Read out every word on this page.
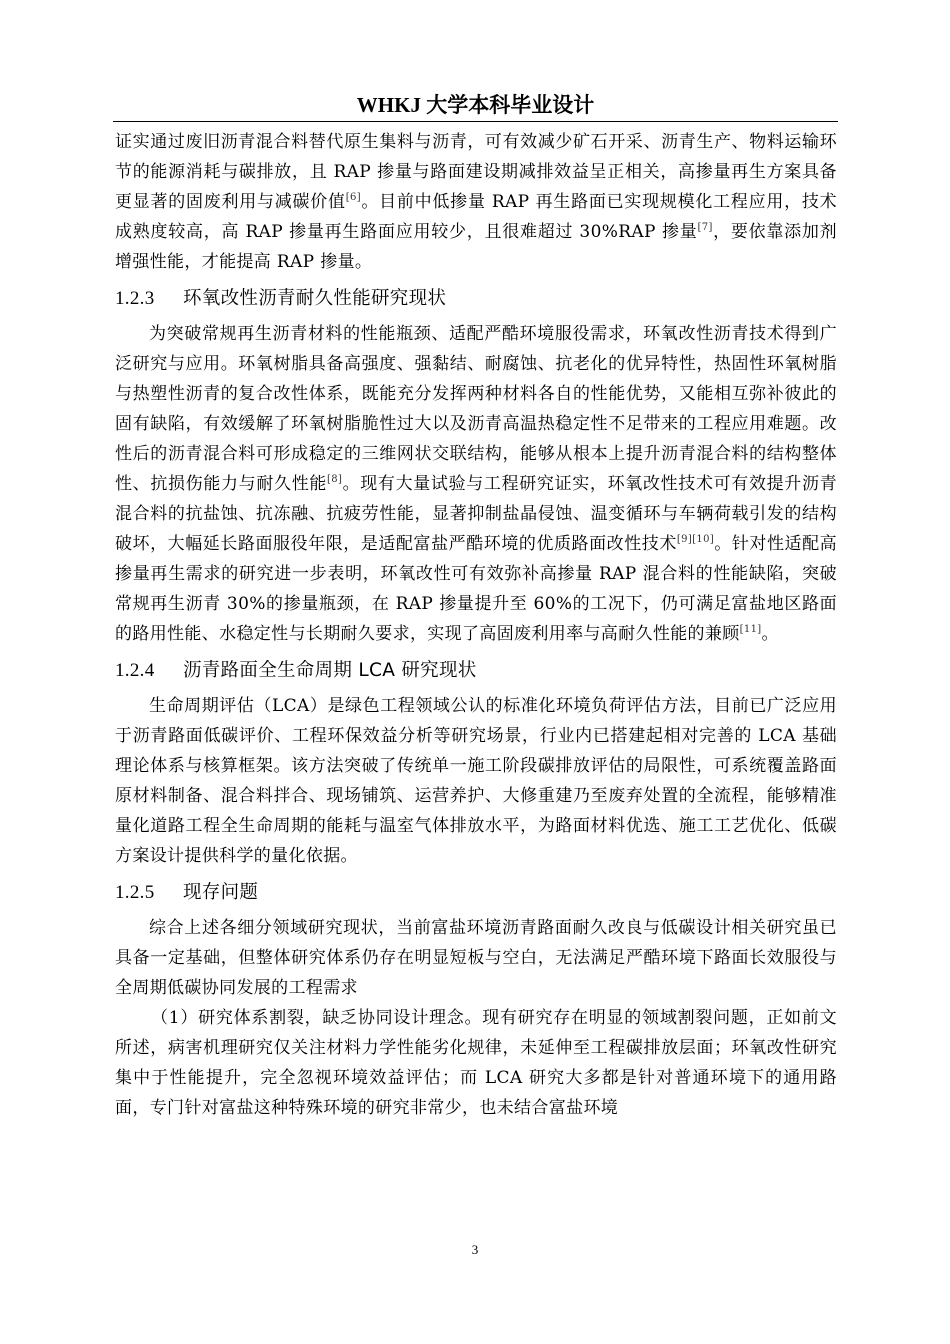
WHKJ 大学本科毕业设计

证实通过废旧沥青混合料替代原生集料与沥青，可有效减少矿石开采、沥青生产、物料运输环节的能源消耗与碳排放，且 RAP 掺量与路面建设期减排效益呈正相关，高掺量再生方案具备更显著的固废利用与减碳价值[6]。目前中低掺量 RAP 再生路面已实现规模化工程应用，技术成熟度较高，高 RAP 掺量再生路面应用较少，且很难超过 30%RAP 掺量[7]，要依靠添加剂增强性能，才能提高 RAP 掺量。

1.2.3 环氧改性沥青耐久性能研究现状

为突破常规再生沥青材料的性能瓶颈、适配严酷环境服役需求，环氧改性沥青技术得到广泛研究与应用。环氧树脂具备高强度、强黏结、耐腐蚀、抗老化的优异特性，热固性环氧树脂与热塑性沥青的复合改性体系，既能充分发挥两种材料各自的性能优势，又能相互弥补彼此的固有缺陷，有效缓解了环氧树脂脆性过大以及沥青高温热稳定性不足带来的工程应用难题。改性后的沥青混合料可形成稳定的三维网状交联结构，能够从根本上提升沥青混合料的结构整体性、抗损伤能力与耐久性能[8]。现有大量试验与工程研究证实，环氧改性技术可有效提升沥青混合料的抗盐蚀、抗冻融、抗疲劳性能，显著抑制盐晶侵蚀、温变循环与车辆荷载引发的结构破坏，大幅延长路面服役年限，是适配富盐严酷环境的优质路面改性技术[9][10]。针对性适配高掺量再生需求的研究进一步表明，环氧改性可有效弥补高掺量 RAP 混合料的性能缺陷，突破常规再生沥青 30%的掺量瓶颈，在 RAP 掺量提升至 60%的工况下，仍可满足富盐地区路面的路用性能、水稳定性与长期耐久要求，实现了高固废利用率与高耐久性能的兼顾[11]。

1.2.4 沥青路面全生命周期 LCA 研究现状

生命周期评估（LCA）是绿色工程领域公认的标准化环境负荷评估方法，目前已广泛应用于沥青路面低碳评价、工程环保效益分析等研究场景，行业内已搭建起相对完善的 LCA 基础理论体系与核算框架。该方法突破了传统单一施工阶段碳排放评估的局限性，可系统覆盖路面原材料制备、混合料拌合、现场铺筑、运营养护、大修重建乃至废弃处置的全流程，能够精准量化道路工程全生命周期的能耗与温室气体排放水平，为路面材料优选、施工工艺优化、低碳方案设计提供科学的量化依据。

1.2.5 现存问题

综合上述各细分领域研究现状，当前富盐环境沥青路面耐久改良与低碳设计相关研究虽已具备一定基础，但整体研究体系仍存在明显短板与空白，无法满足严酷环境下路面长效服役与全周期低碳协同发展的工程需求

（1）研究体系割裂，缺乏协同设计理念。现有研究存在明显的领域割裂问题，正如前文所述，病害机理研究仅关注材料力学性能劣化规律，未延伸至工程碳排放层面；环氧改性研究集中于性能提升，完全忽视环境效益评估；而 LCA 研究大多都是针对普通环境下的通用路面，专门针对富盐这种特殊环境的研究非常少，也未结合富盐环境

3
